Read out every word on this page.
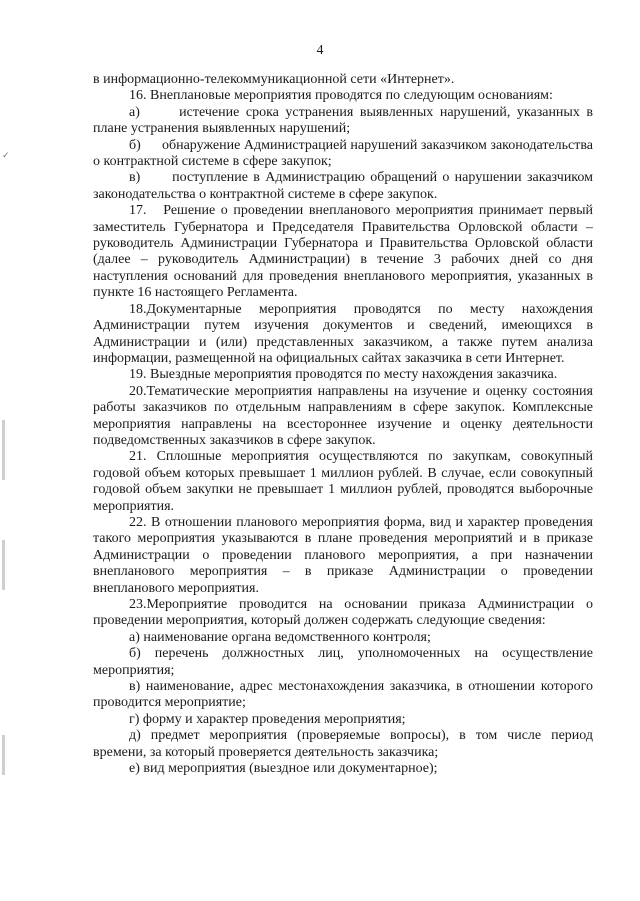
4
✓

в информационно-телекоммуникационной сети «Интернет».

16. Внеплановые мероприятия проводятся по следующим основаниям:

а)      истечение срока устранения выявленных нарушений, указанных в плане устранения выявленных нарушений;

б)      обнаружение Администрацией нарушений заказчиком законодательства о контрактной системе в сфере закупок;

в)      поступление в Администрацию обращений о нарушении заказчиком законодательства о контрактной системе в сфере закупок.

17.   Решение о проведении внепланового мероприятия принимает первый заместитель Губернатора и Председателя Правительства Орловской области – руководитель Администрации Губернатора и Правительства Орловской области (далее – руководитель Администрации) в течение 3 рабочих дней со дня наступления оснований для проведения внепланового мероприятия, указанных в пункте 16 настоящего Регламента.

18.Документарные мероприятия проводятся по месту нахождения Администрации путем изучения документов и сведений, имеющихся в Администрации и (или) представленных заказчиком, а также путем анализа информации, размещенной на официальных сайтах заказчика в сети Интернет.

19. Выездные мероприятия проводятся по месту нахождения заказчика.

20.Тематические мероприятия направлены на изучение и оценку состояния работы заказчиков по отдельным направлениям в сфере закупок. Комплексные мероприятия направлены на всестороннее изучение и оценку деятельности подведомственных заказчиков в сфере закупок.

21. Сплошные мероприятия осуществляются по закупкам, совокупный годовой объем которых превышает 1 миллион рублей. В случае, если совокупный годовой объем закупки не превышает 1 миллион рублей, проводятся выборочные мероприятия.

22. В отношении планового мероприятия форма, вид и характер проведения такого мероприятия указываются в плане проведения мероприятий и в приказе Администрации о проведении планового мероприятия, а при назначении внепланового мероприятия – в приказе Администрации о проведении внепланового мероприятия.

23.Мероприятие проводится на основании приказа Администрации о проведении мероприятия, который должен содержать следующие сведения:

а) наименование органа ведомственного контроля;

б) перечень должностных лиц, уполномоченных на осуществление мероприятия;

в) наименование, адрес местонахождения заказчика, в отношении которого проводится мероприятие;

г) форму и характер проведения мероприятия;

д) предмет мероприятия (проверяемые вопросы), в том числе период времени, за который проверяется деятельность заказчика;

е) вид мероприятия (выездное или документарное);
